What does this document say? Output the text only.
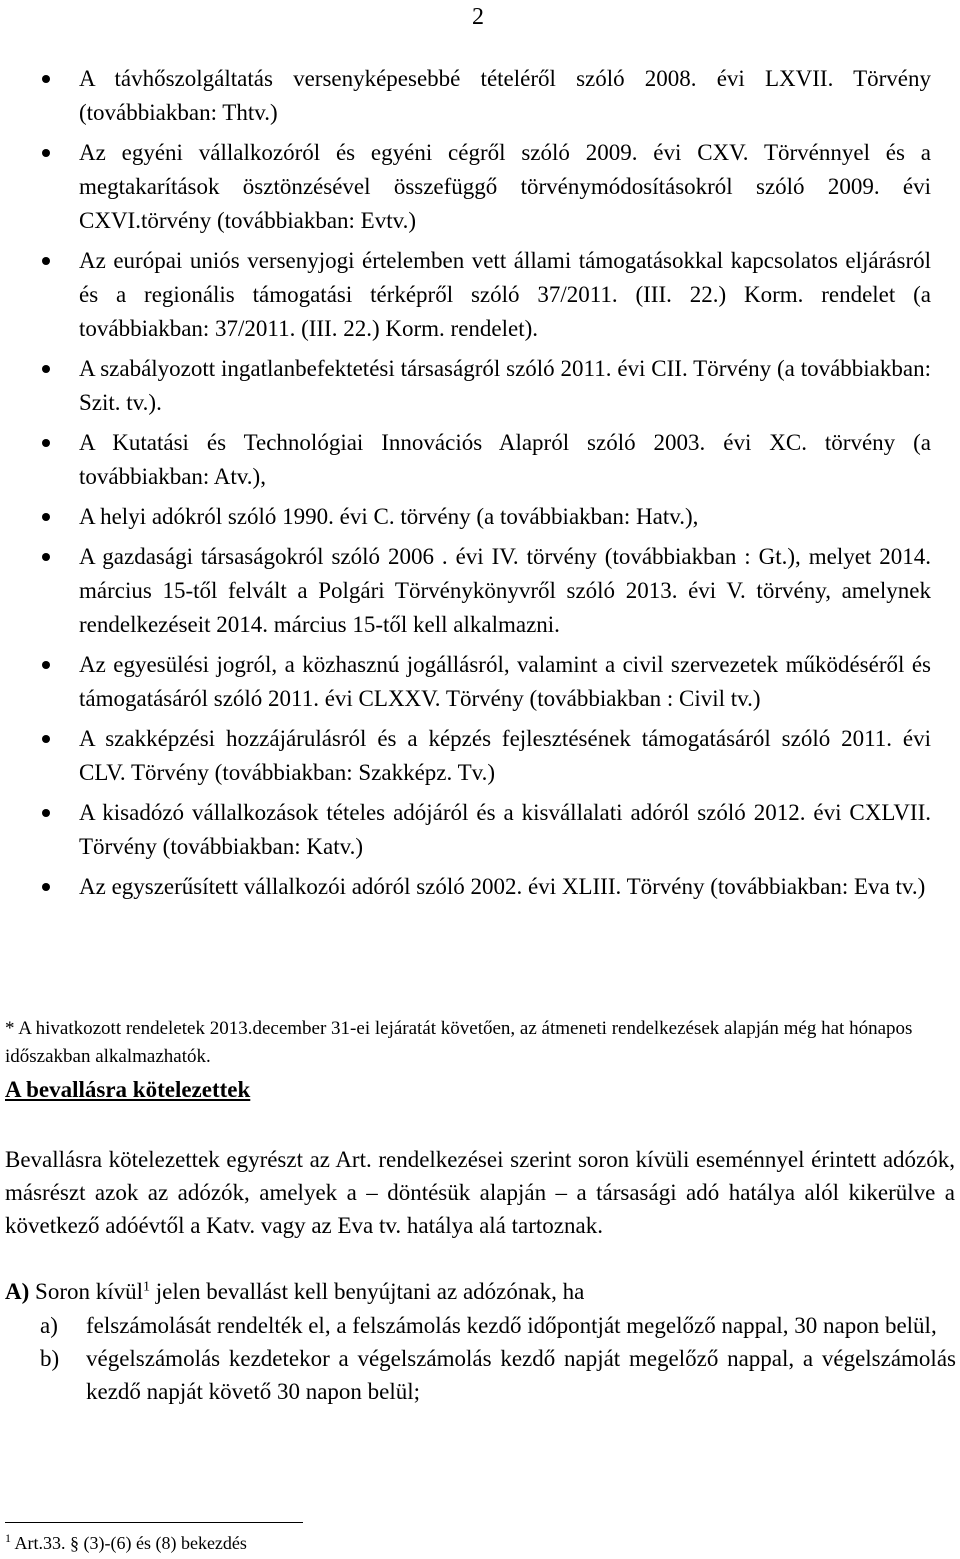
2
A távhőszolgáltatás versenyképesebbé tételéről szóló 2008. évi LXVII. Törvény (továbbiakban: Thtv.)
Az egyéni vállalkozóról és egyéni cégről szóló 2009. évi CXV. Törvénnyel és a megtakarítások ösztönzésével összefüggő törvénymódosításokról szóló 2009. évi CXVI.törvény (továbbiakban: Evtv.)
Az európai uniós versenyjogi értelemben vett állami támogatásokkal kapcsolatos eljárásról és a regionális támogatási térképről szóló 37/2011. (III. 22.) Korm. rendelet (a továbbiakban: 37/2011. (III. 22.) Korm. rendelet).
A szabályozott ingatlanbefektetési társaságról szóló 2011. évi CII. Törvény (a továbbiakban: Szit. tv.).
A Kutatási és Technológiai Innovációs Alapról szóló 2003. évi XC. törvény (a továbbiakban: Atv.),
A helyi adókról szóló 1990. évi C. törvény (a továbbiakban: Hatv.),
A gazdasági társaságokról szóló 2006 . évi IV. törvény (továbbiakban : Gt.), melyet 2014. március 15-től felvált a Polgári Törvénykönyvről szóló 2013. évi V. törvény, amelynek rendelkezéseit 2014. március 15-től kell alkalmazni.
Az egyesülési jogról, a közhasznú jogállásról, valamint a civil szervezetek működéséről és támogatásáról szóló 2011. évi CLXXV. Törvény (továbbiakban : Civil tv.)
A szakképzési hozzájárulásról és a képzés fejlesztésének támogatásáról szóló 2011. évi CLV. Törvény (továbbiakban: Szakképz. Tv.)
A kisadózó vállalkozások tételes adójáról és a kisvállalati adóról szóló 2012. évi CXLVII. Törvény (továbbiakban: Katv.)
Az egyszerűsített vállalkozói adóról szóló 2002. évi XLIII. Törvény (továbbiakban: Eva tv.)
* A hivatkozott rendeletek 2013.december 31-ei lejáratát követően, az átmeneti rendelkezések alapján még hat hónapos időszakban alkalmazhatók.
A bevallásra kötelezettek
Bevallásra kötelezettek egyrészt az Art. rendelkezései szerint soron kívüli eseménnyel érintett adózók, másrészt azok az adózók, amelyek a – döntésük alapján – a társasági adó hatálya alól kikerülve a következő adóévtől a Katv. vagy az Eva tv. hatálya alá tartoznak.
A) Soron kívül$^1$ jelen bevallást kell benyújtani az adózónak, ha
a) felszámolását rendelték el, a felszámolás kezdő időpontját megelőző nappal, 30 napon belül,
b) végelszámolás kezdetekor a végelszámolás kezdő napját megelőző nappal, a végelszámolás kezdő napját követő 30 napon belül;
$^1$ Art.33. § (3)-(6) és (8) bekezdés
